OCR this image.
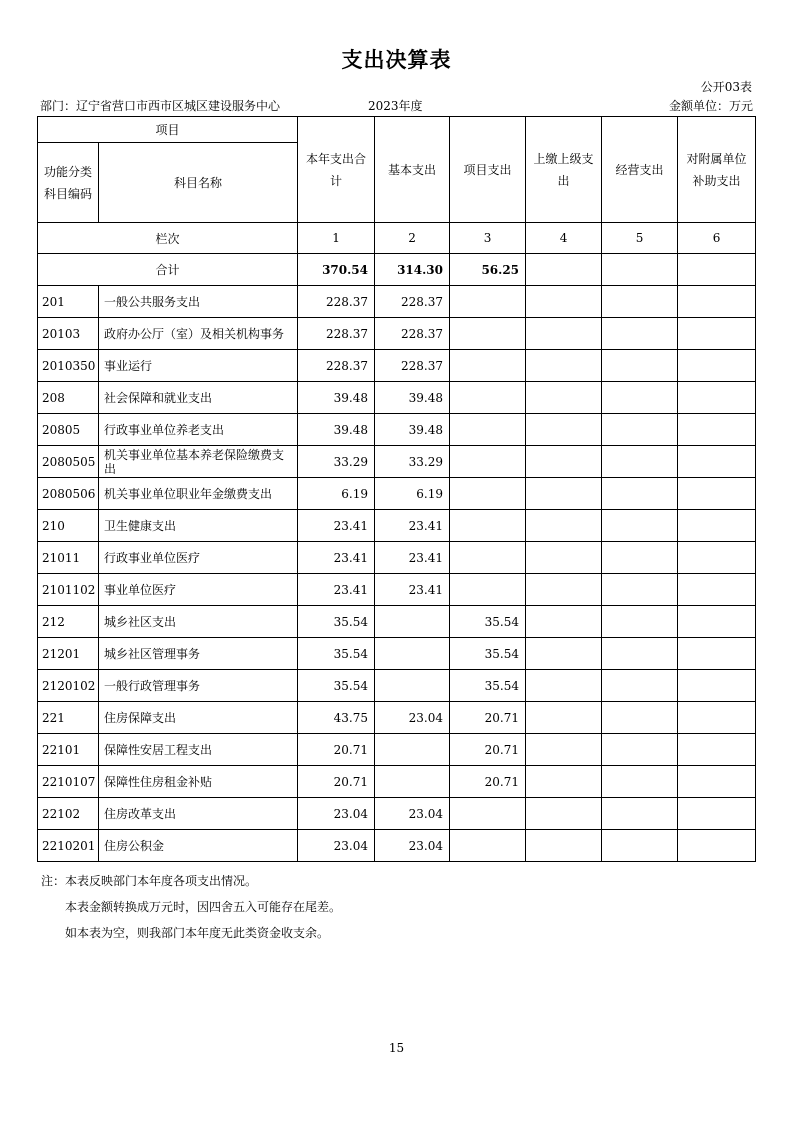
支出决算表
公开03表
部门：辽宁省营口市西市区城区建设服务中心	2023年度	金额单位：万元
项目		本年支出合计	基本支出	项目支出	上缴上级支出	经营支出	对附属单位补助支出
功能分类科目编码	科目名称						
栏次		1	2	3	4	5	6
合计		370.54	314.30	56.25			
201	一般公共服务支出	228.37	228.37				
20103	政府办公厅（室）及相关机构事务	228.37	228.37				
2010350	事业运行	228.37	228.37				
208	社会保障和就业支出	39.48	39.48				
20805	行政事业单位养老支出	39.48	39.48				
2080505	机关事业单位基本养老保险缴费支出	33.29	33.29				
2080506	机关事业单位职业年金缴费支出	6.19	6.19				
210	卫生健康支出	23.41	23.41				
21011	行政事业单位医疗	23.41	23.41				
2101102	事业单位医疗	23.41	23.41				
212	城乡社区支出	35.54		35.54			
21201	城乡社区管理事务	35.54		35.54			
2120102	一般行政管理事务	35.54		35.54			
221	住房保障支出	43.75	23.04	20.71			
22101	保障性安居工程支出	20.71		20.71			
2210107	保障性住房租金补贴	20.71		20.71			
22102	住房改革支出	23.04	23.04				
2210201	住房公积金	23.04	23.04				
注：本表反映部门本年度各项支出情况。
本表金额转换成万元时，因四舍五入可能存在尾差。
如本表为空，则我部门本年度无此类资金收支余。
15
